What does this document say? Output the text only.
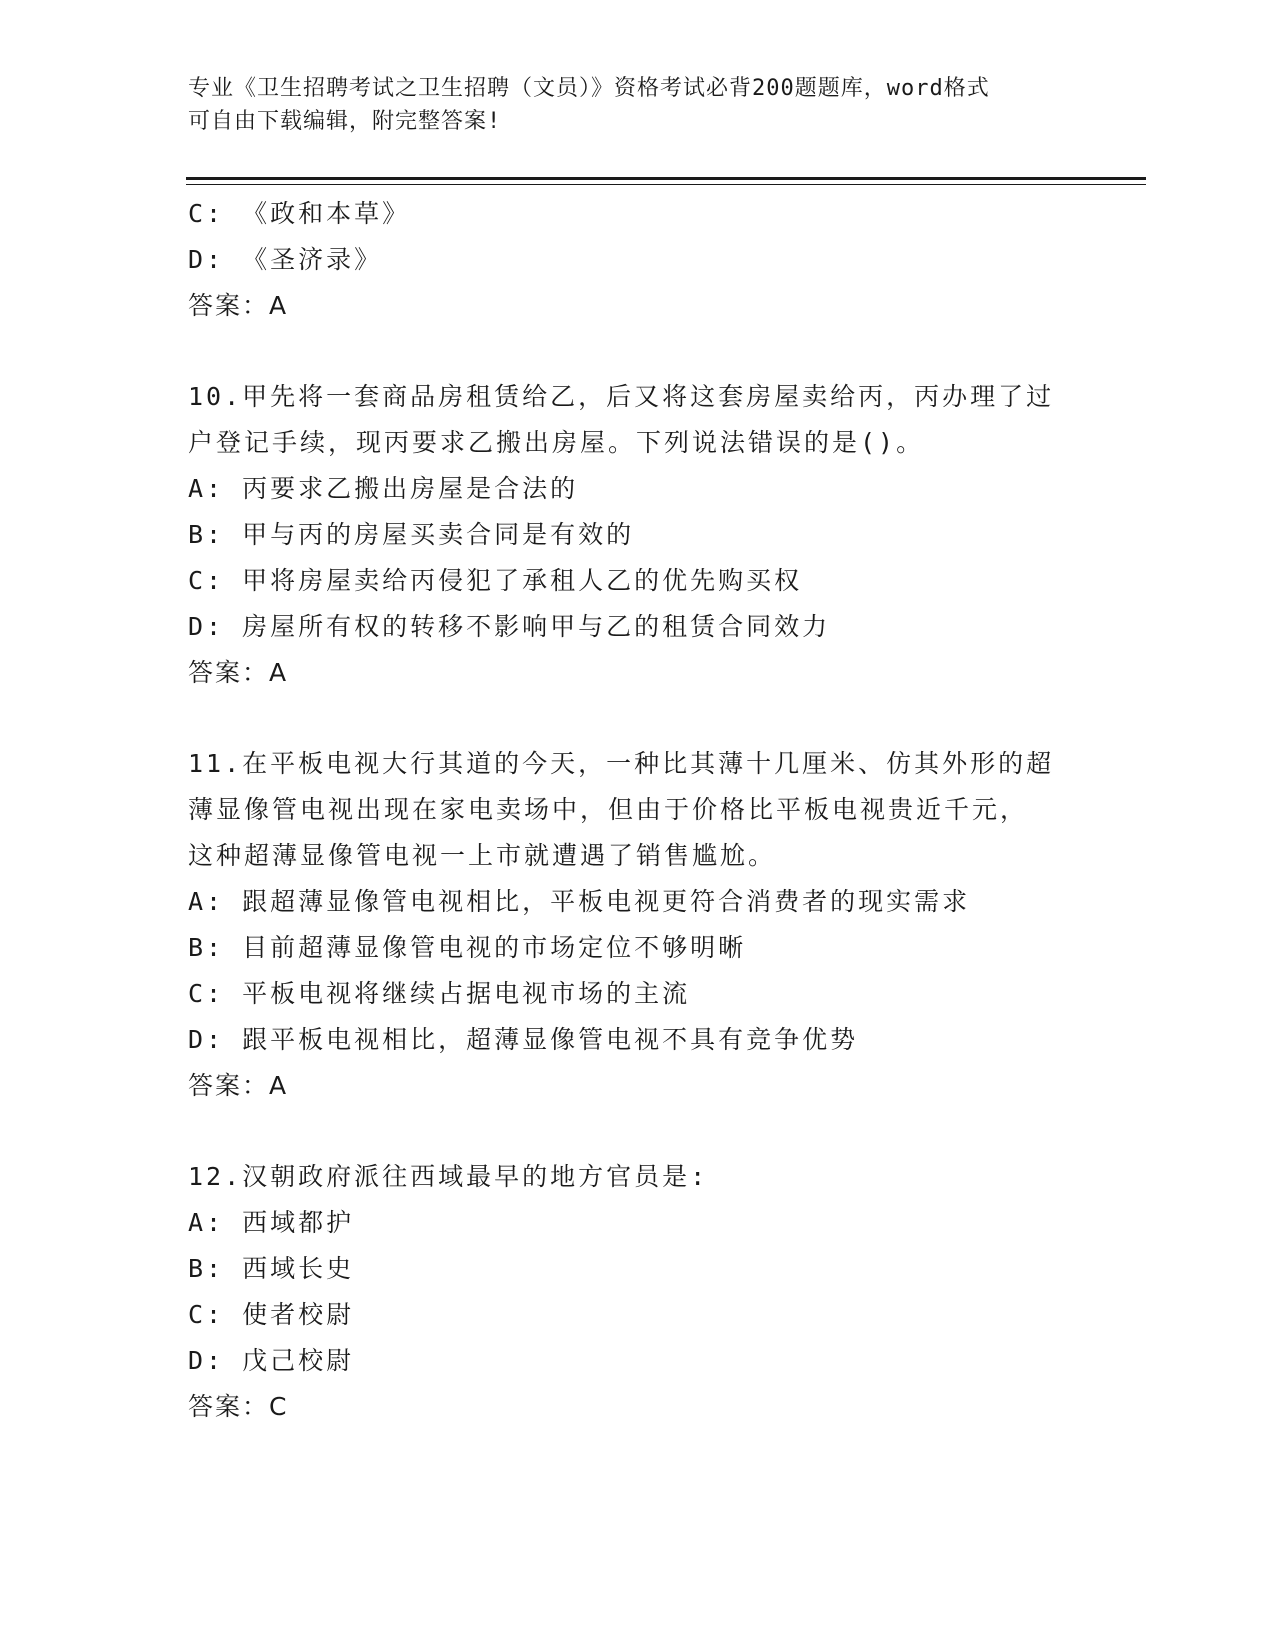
专业《卫生招聘考试之卫生招聘（文员）》资格考试必背200题题库，word格式
可自由下载编辑，附完整答案!
C: 《政和本草》
D: 《圣济录》
答案：A
10.甲先将一套商品房租赁给乙，后又将这套房屋卖给丙，丙办理了过
户登记手续，现丙要求乙搬出房屋。下列说法错误的是()。
A: 丙要求乙搬出房屋是合法的
B: 甲与丙的房屋买卖合同是有效的
C: 甲将房屋卖给丙侵犯了承租人乙的优先购买权
D: 房屋所有权的转移不影响甲与乙的租赁合同效力
答案：A
11.在平板电视大行其道的今天，一种比其薄十几厘米、仿其外形的超
薄显像管电视出现在家电卖场中，但由于价格比平板电视贵近千元，
这种超薄显像管电视一上市就遭遇了销售尴尬。
A: 跟超薄显像管电视相比，平板电视更符合消费者的现实需求
B: 目前超薄显像管电视的市场定位不够明晰
C: 平板电视将继续占据电视市场的主流
D: 跟平板电视相比，超薄显像管电视不具有竞争优势
答案：A
12.汉朝政府派往西域最早的地方官员是:
A: 西域都护
B: 西域长史
C: 使者校尉
D: 戊己校尉
答案：C
